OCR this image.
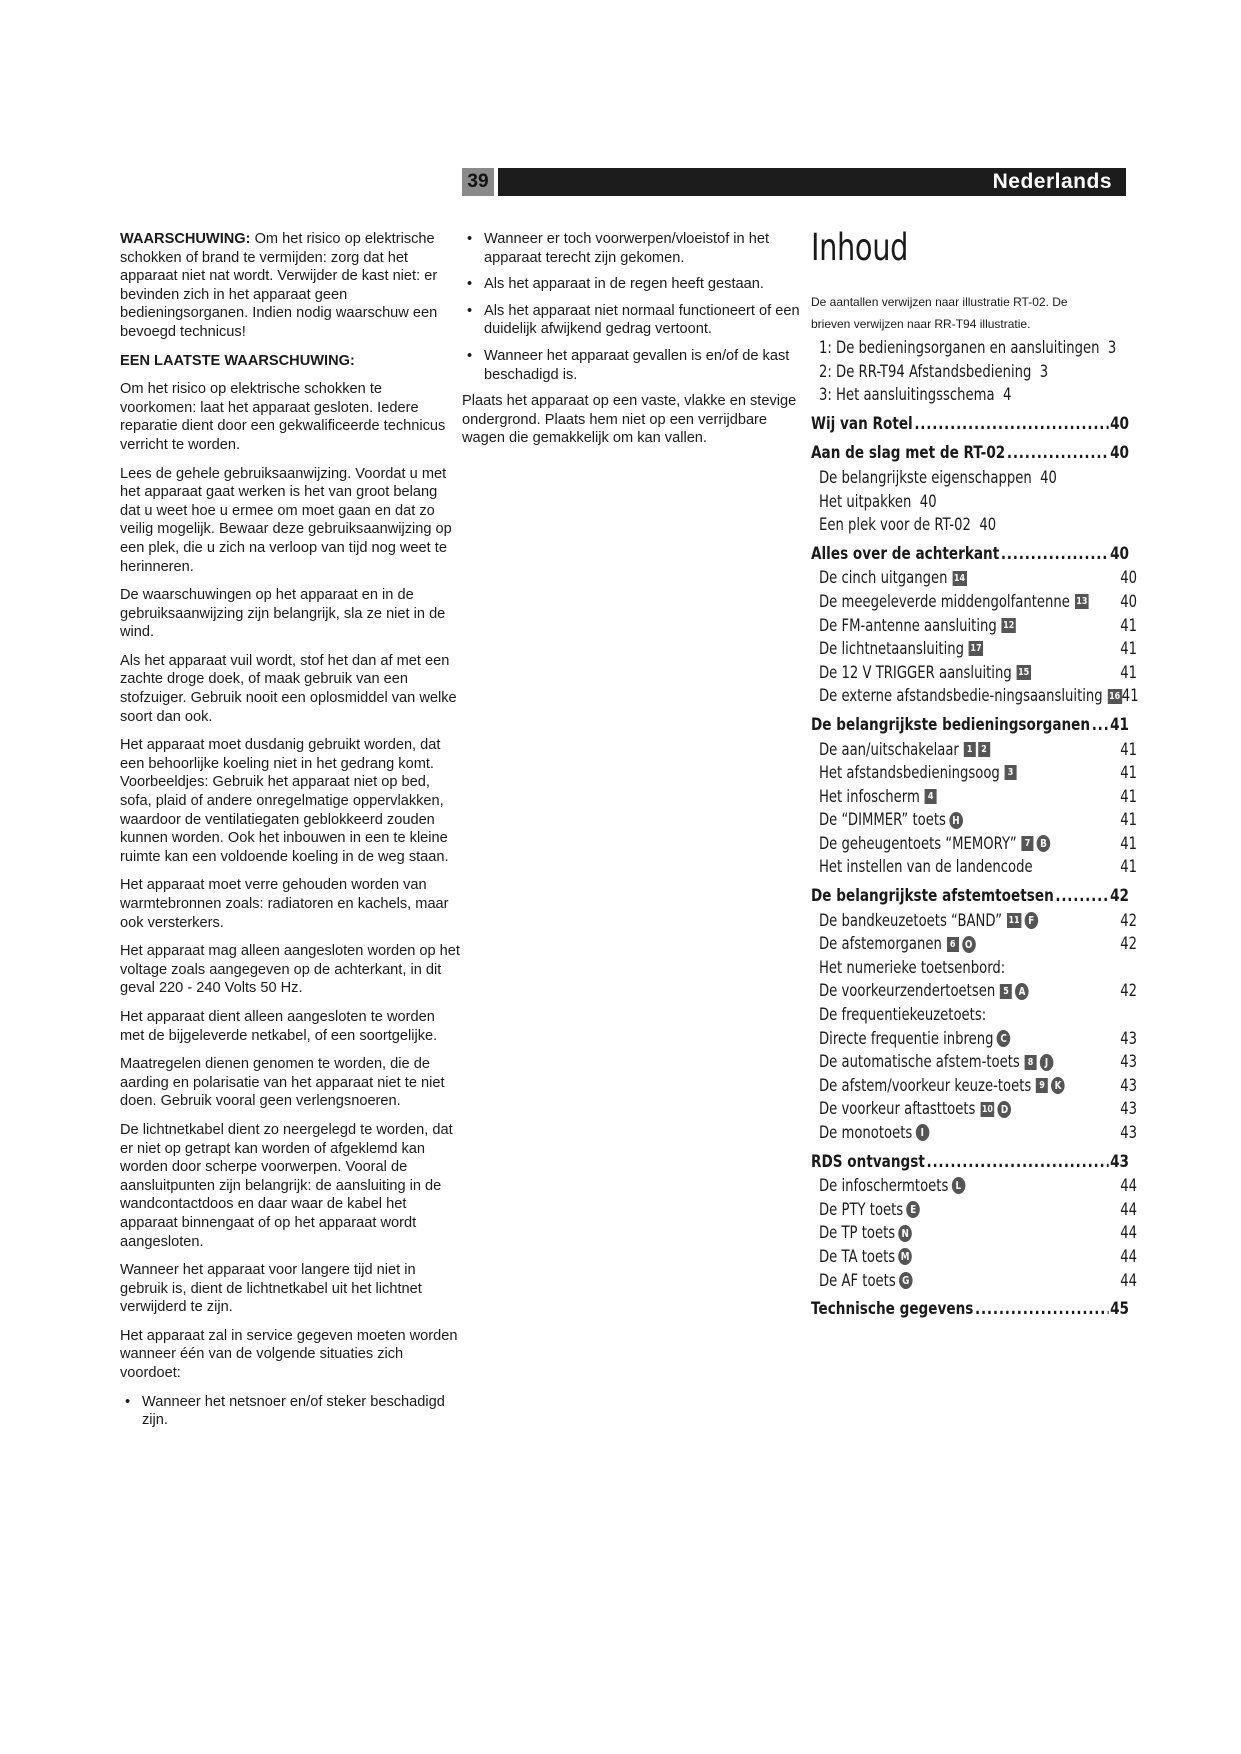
39	Nederlands

WAARSCHUWING: Om het risico op elektrische schokken of brand te vermijden: zorg dat het apparaat niet nat wordt. Verwijder de kast niet: er bevinden zich in het apparaat geen bedieningsorganen. Indien nodig waarschuw een bevoegd technicus!

EEN LAATSTE WAARSCHUWING:

Om het risico op elektrische schokken te voorkomen: laat het apparaat gesloten. Iedere reparatie dient door een gekwalificeerde technicus verricht te worden.

Lees de gehele gebruiksaanwijzing. Voordat u met het apparaat gaat werken is het van groot belang dat u weet hoe u ermee om moet gaan en dat zo veilig mogelijk. Bewaar deze gebruiksaanwijzing op een plek, die u zich na verloop van tijd nog weet te herinneren.

De waarschuwingen op het apparaat en in de gebruiksaanwijzing zijn belangrijk, sla ze niet in de wind.

Als het apparaat vuil wordt, stof het dan af met een zachte droge doek, of maak gebruik van een stofzuiger. Gebruik nooit een oplosmiddel van welke soort dan ook.

Het apparaat moet dusdanig gebruikt worden, dat een behoorlijke koeling niet in het gedrang komt. Voorbeeldjes: Gebruik het apparaat niet op bed, sofa, plaid of andere onregelmatige oppervlakken, waardoor de ventilatiegaten geblokkeerd zouden kunnen worden. Ook het inbouwen in een te kleine ruimte kan een voldoende koeling in de weg staan.

Het apparaat moet verre gehouden worden van warmtebronnen zoals: radiatoren en kachels, maar ook versterkers.

Het apparaat mag alleen aangesloten worden op het voltage zoals aangegeven op de achterkant, in dit geval 220 - 240 Volts 50 Hz.

Het apparaat dient alleen aangesloten te worden met de bijgeleverde netkabel, of een soortgelijke.

Maatregelen dienen genomen te worden, die de aarding en polarisatie van het apparaat niet te niet doen. Gebruik vooral geen verlengsnoeren.

De lichtnetkabel dient zo neergelegd te worden, dat er niet op getrapt kan worden of afgeklemd kan worden door scherpe voorwerpen. Vooral de aansluitpunten zijn belangrijk: de aansluiting in de wandcontactdoos en daar waar de kabel het apparaat binnengaat of op het apparaat wordt aangesloten.

Wanneer het apparaat voor langere tijd niet in gebruik is, dient de lichtnetkabel uit het lichtnet verwijderd te zijn.

Het apparaat zal in service gegeven moeten worden wanneer één van de volgende situaties zich voordoet:

• Wanneer het netsnoer en/of steker beschadigd zijn.
• Wanneer er toch voorwerpen/vloeistof in het apparaat terecht zijn gekomen.
• Als het apparaat in de regen heeft gestaan.
• Als het apparaat niet normaal functioneert of een duidelijk afwijkend gedrag vertoont.
• Wanneer het apparaat gevallen is en/of de kast beschadigd is.

Plaats het apparaat op een vaste, vlakke en stevige ondergrond. Plaats hem niet op een verrijdbare wagen die gemakkelijk om kan vallen.

Inhoud
De aantallen verwijzen naar illustratie RT-02. De
brieven verwijzen naar RR-T94 illustratie.
1: De bedieningsorganen en aansluitingen 3
2: De RR-T94 Afstandsbediening 3
3: Het aansluitingsschema 4
Wij van Rotel .....	40
Aan de slag met de RT-02 .....	40
De belangrijkste eigenschappen 40
Het uitpakken 40
Een plek voor de RT-02 40
Alles over de achterkant .....	40
De cinch uitgangen 14	40
De meegeleverde middengolfantenne 13 40
De FM-antenne aansluiting 12	41
De lichtnetaansluiting 17	41
De 12 V TRIGGER aansluiting 15	41
De externe afstandsbedie-ningsaansluiting 16 41
De belangrijkste bedieningsorganen ..... 41
De aan/uitschakelaar 1 2	41
Het afstandsbedieningsoog 3	41
Het infoscherm 4	41
De “DIMMER” toets H	41
De geheugentoets “MEMORY” 7 B	41
Het instellen van de landencode	41
De belangrijkste afstemtoetsen .....	42
De bandkeuzetoets “BAND” 11 F	42
De afstemorganen 6 O	42
Het numerieke toetsenbord:
De voorkeurzendertoetsen 5 A	42
De frequentiekeuzetoets:
Directe frequentie inbreng C	43
De automatische afstem-toets 8	J	43
De afstem/voorkeur keuze-toets 9 K	43
De voorkeur aftasttoets 10 D	43
De monotoets I	43
RDS ontvangst .....	43
De infoschermtoets L	44
De PTY toets E	44
De TP toets N	44
De TA toets M	44
De AF toets G	44
Technische gegevens .....	45
